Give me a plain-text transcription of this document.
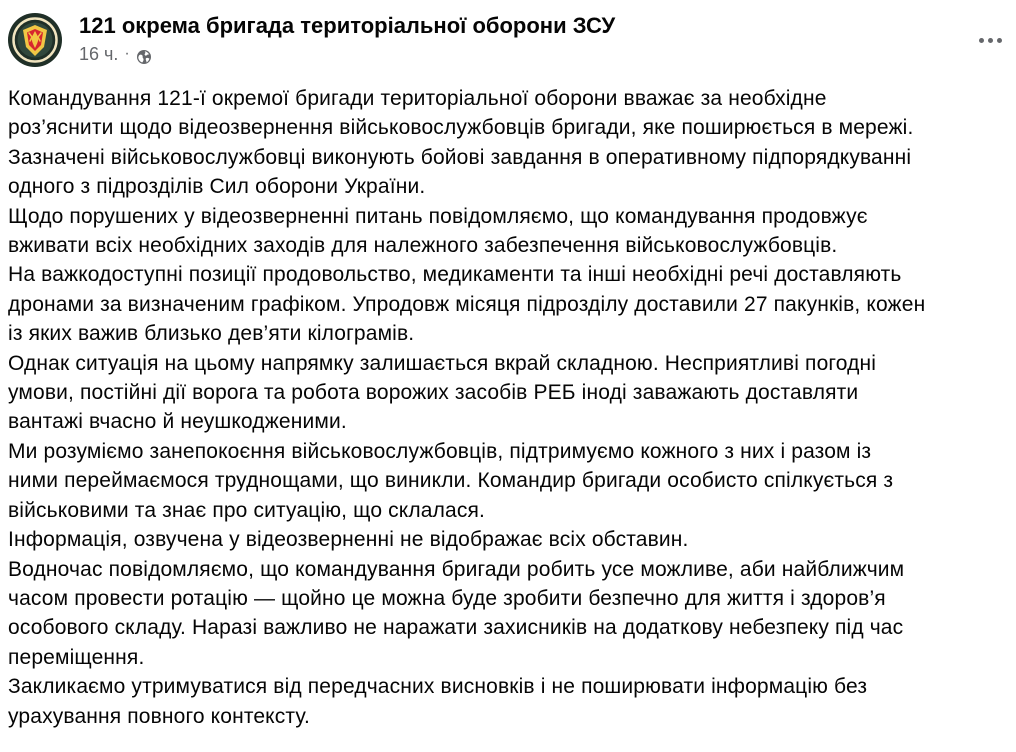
121 окрема бригада територіальної оборони ЗСУ
16 ч. ·

Командування 121-ї окремої бригади територіальної оборони вважає за необхідне

роз’яснити щодо відеозвернення військовослужбовців бригади, яке поширюється в мережі.

Зазначені військовослужбовці виконують бойові завдання в оперативному підпорядкуванні

одного з підрозділів Сил оборони України.

Щодо порушених у відеозверненні питань повідомляємо, що командування продовжує

вживати всіх необхідних заходів для належного забезпечення військовослужбовців.

На важкодоступні позиції продовольство, медикаменти та інші необхідні речі доставляють

дронами за визначеним графіком. Упродовж місяця підрозділу доставили 27 пакунків, кожен

із яких важив близько дев’яти кілограмів.

Однак ситуація на цьому напрямку залишається вкрай складною. Несприятливі погодні

умови, постійні дії ворога та робота ворожих засобів РЕБ іноді заважають доставляти

вантажі вчасно й неушкодженими.

Ми розуміємо занепокоєння військовослужбовців, підтримуємо кожного з них і разом із

ними переймаємося труднощами, що виникли. Командир бригади особисто спілкується з

військовими та знає про ситуацію, що склалася.

Інформація, озвучена у відеозверненні не відображає всіх обставин.

Водночас повідомляємо, що командування бригади робить усе можливе, аби найближчим

часом провести ротацію — щойно це можна буде зробити безпечно для життя і здоров’я

особового складу. Наразі важливо не наражати захисників на додаткову небезпеку під час

переміщення.

Закликаємо утримуватися від передчасних висновків і не поширювати інформацію без

урахування повного контексту.
